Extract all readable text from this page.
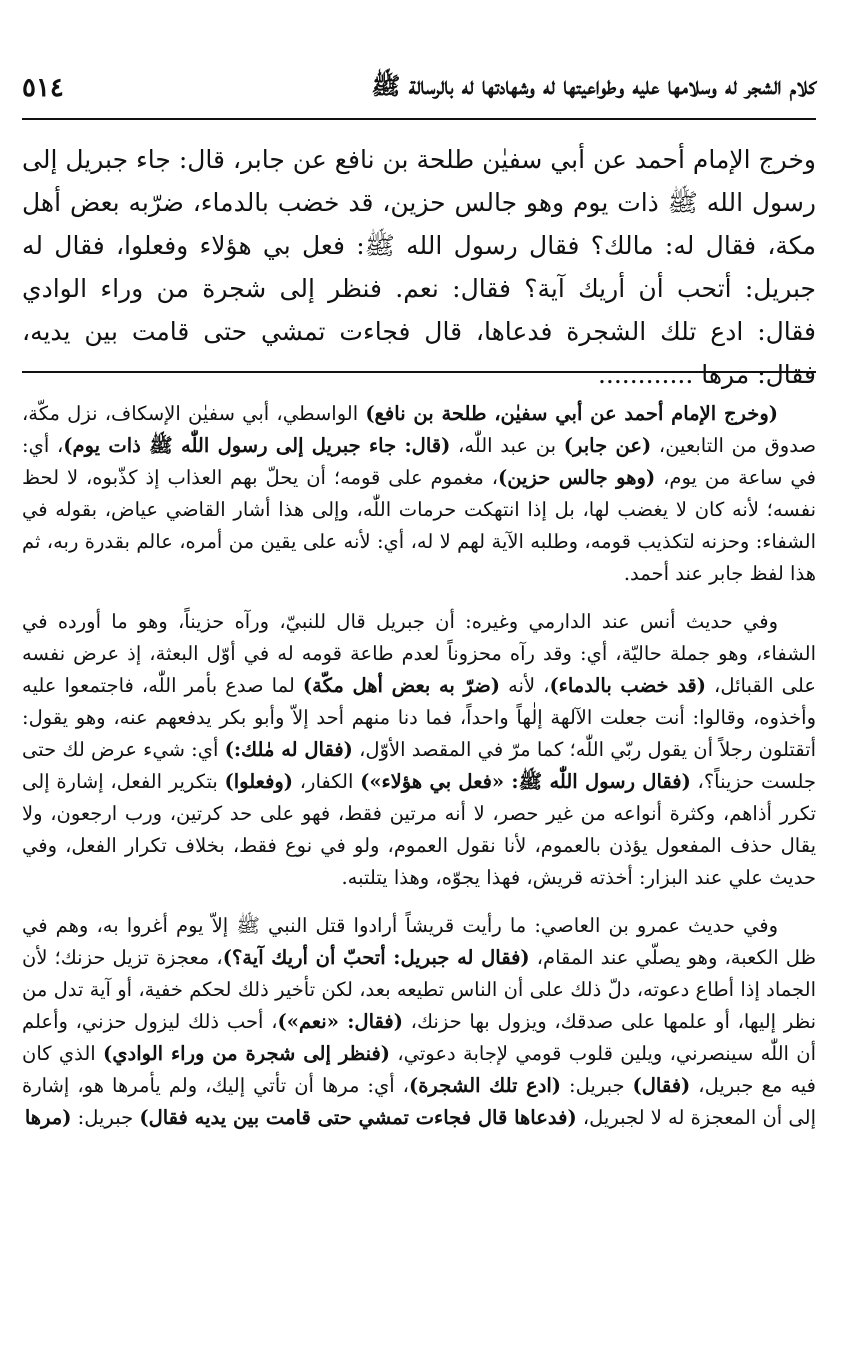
كلام الشجر له وسلامها عليه وطواعيتها له وشهادتها له بالرسالة ﷺ
٥١٤

وخرج الإمام أحمد عن أبي سفيٰن طلحة بن نافع عن جابر، قال: جاء جبريل إلى رسول الله ﷺ ذات يوم وهو جالس حزين، قد خضب بالدماء، ضرّبه بعض أهل مكة، فقال له: مالك؟ فقال رسول الله ﷺ: فعل بي هؤلاء وفعلوا، فقال له جبريل: أتحب أن أريك آية؟ فقال: نعم. فنظر إلى شجرة من وراء الوادي فقال: ادع تلك الشجرة فدعاها، قال فجاءت تمشي حتى قامت بين يديه، فقال: مرها ............

(وخرج الإمام أحمد عن أبي سفيٰن، طلحة بن نافع) الواسطي، أبي سفيٰن الإسكاف، نزل مكّة، صدوق من التابعين، (عن جابر) بن عبد اللّٰه، (قال: جاء جبريل إلى رسول اللّٰه ﷺ ذات يوم)، أي: في ساعة من يوم، (وهو جالس حزين)، مغموم على قومه؛ أن يحلّ بهم العذاب إذ كذّبوه، لا لحظ نفسه؛ لأنه كان لا يغضب لها، بل إذا انتهكت حرمات اللّٰه، وإلى هذا أشار القاضي عياض، بقوله في الشفاء: وحزنه لتكذيب قومه، وطلبه الآية لهم لا له، أي: لأنه على يقين من أمره، عالم بقدرة ربه، ثم هذا لفظ جابر عند أحمد.

وفي حديث أنس عند الدارمي وغيره: أن جبريل قال للنبيّ، ورآه حزيناً، وهو ما أورده في الشفاء، وهو جملة حاليّة، أي: وقد رآه محزوناً لعدم طاعة قومه له في أوّل البعثة، إذ عرض نفسه على القبائل، (قد خضب بالدماء)، لأنه (ضرّ به بعض أهل مكّة) لما صدع بأمر اللّٰه، فاجتمعوا عليه وأخذوه، وقالوا: أنت جعلت الآلهة إلٰهاً واحداً، فما دنا منهم أحد إلاّ وأبو بكر يدفعهم عنه، وهو يقول: أتقتلون رجلاً أن يقول ربّي اللّٰه؛ كما مرّ في المقصد الأوّل، (فقال له مٰلك:) أي: شيء عرض لك حتى جلست حزيناً؟، (فقال رسول اللّٰه ﷺ: «فعل بي هؤلاء») الكفار، (وفعلوا) بتكرير الفعل، إشارة إلى تكرر أذاهم، وكثرة أنواعه من غير حصر، لا أنه مرتين فقط، فهو على حد كرتين، ورب ارجعون، ولا يقال حذف المفعول يؤذن بالعموم، لأنا نقول العموم، ولو في نوع فقط، بخلاف تكرار الفعل، وفي حديث علي عند البزار: أخذته قريش، فهذا يجوّه، وهذا يتلتبه.

وفي حديث عمرو بن العاصي: ما رأيت قريشاً أرادوا قتل النبي ﷺ إلاّ يوم أغروا به، وهم في ظل الكعبة، وهو يصلّي عند المقام، (فقال له جبريل: أتحبّ أن أريك آية؟)، معجزة تزيل حزنك؛ لأن الجماد إذا أطاع دعوته، دلّ ذلك على أن الناس تطيعه بعد، لكن تأخير ذلك لحكم خفية، أو آية تدل من نظر إليها، أو علمها على صدقك، ويزول بها حزنك، (فقال: «نعم»)، أحب ذلك ليزول حزني، وأعلم أن اللّٰه سينصرني، ويلين قلوب قومي لإجابة دعوتي، (فنظر إلى شجرة من وراء الوادي) الذي كان فيه مع جبريل، (فقال) جبريل: (ادع تلك الشجرة)، أي: مرها أن تأتي إليك، ولم يأمرها هو، إشارة إلى أن المعجزة له لا لجبريل، (فدعاها قال فجاءت تمشي حتى قامت بين يديه فقال) جبريل: (مرها
